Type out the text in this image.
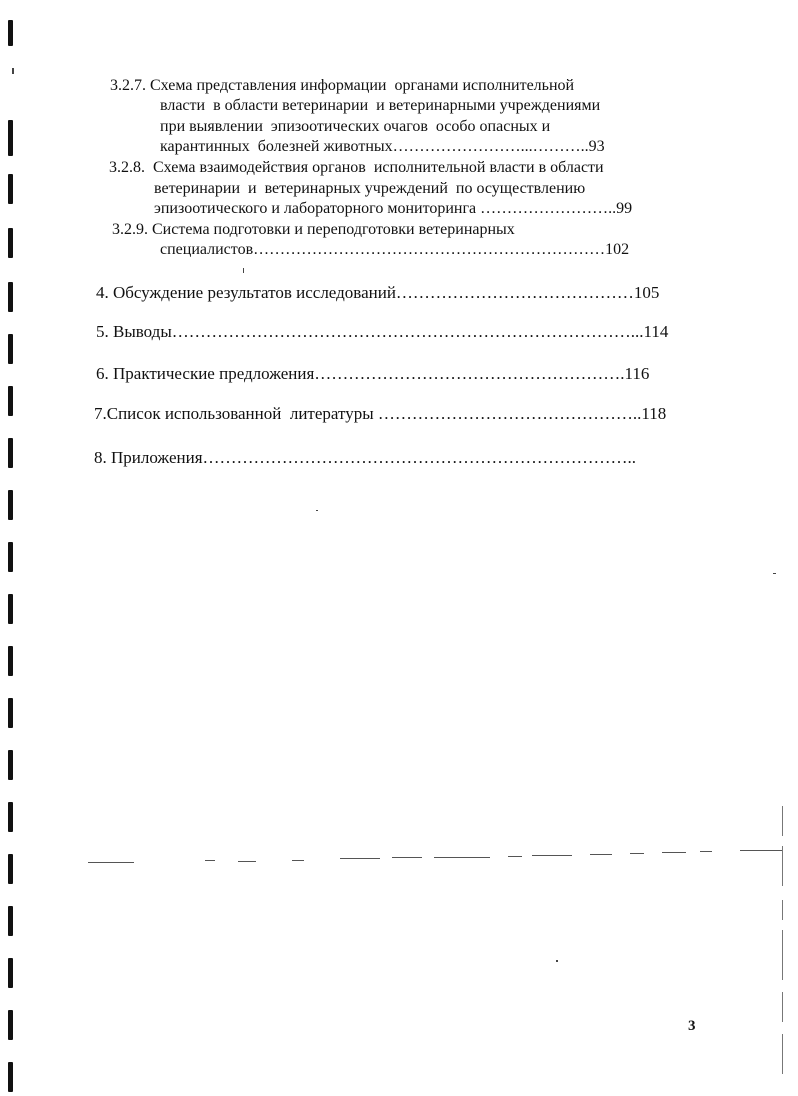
3.2.7. Схема представления информации  органами исполнительной
власти  в области ветеринарии  и ветеринарными учреждениями
при выявлении  эпизоотических очагов  особо опасных и
карантинных  болезней животных……………………...………..93
3.2.8.  Схема взаимодействия органов  исполнительной власти в области
ветеринарии  и  ветеринарных учреждений  по осуществлению
эпизоотического и лабораторного мониторинга ……………………..99
3.2.9. Система подготовки и переподготовки ветеринарных
специалистов…………………………………………………………102
4. Обсуждение результатов исследований……………………………………105
5. Выводы………………………………………………………………………...114
6. Практические предложения……………………………………………….116
7.Список использованной  литературы ………………………………………..118
8. Приложения…………………………………………………………………..
3
